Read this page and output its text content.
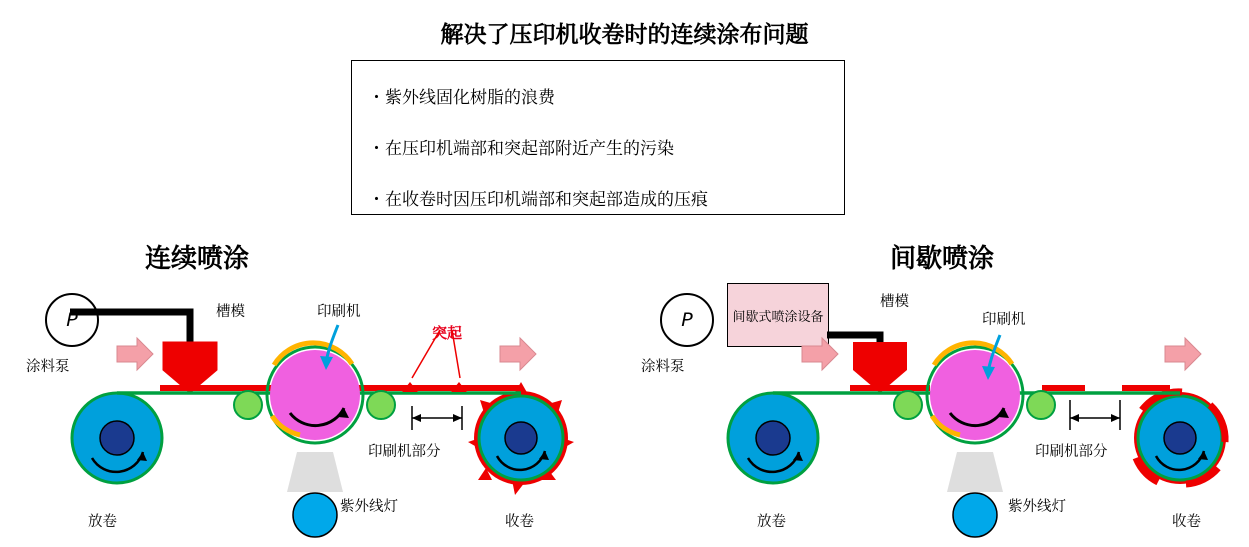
解决了压印机收卷时的连续涂布问题
・紫外线固化树脂的浪费
・在压印机端部和突起部附近产生的污染
・在收卷时因压印机端部和突起部造成的压痕
连续喷涂
P
涂料泵
槽模	印刷机
突起
印刷机部分
紫外线灯
放卷	收卷
间歇喷涂
P	间歇式喷涂设备
涂料泵
槽模
印刷机
印刷机部分
紫外线灯
放卷	收卷
